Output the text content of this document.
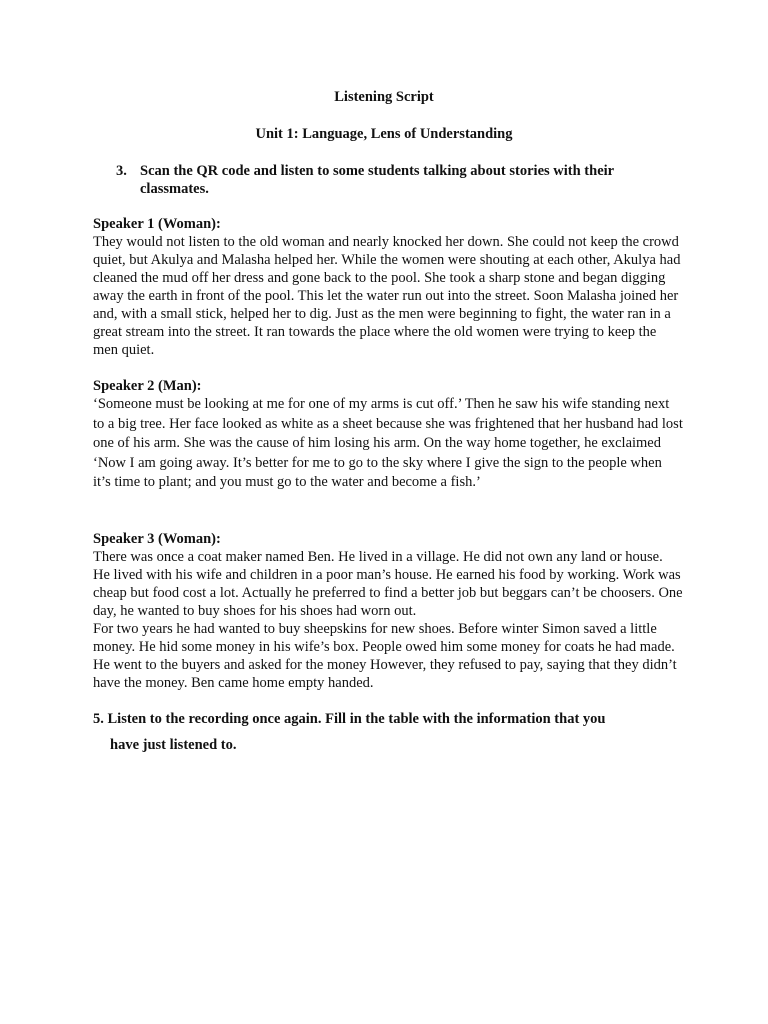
Listening Script
Unit 1: Language, Lens of Understanding
3. Scan the QR code and listen to some students talking about stories with their classmates.
Speaker 1 (Woman):

They would not listen to the old woman and nearly knocked her down. She could not keep the crowd quiet, but Akulya and Malasha helped her. While the women were shouting at each other, Akulya had cleaned the mud off her dress and gone back to the pool. She took a sharp stone and began digging away the earth in front of the pool. This let the water run out into the street. Soon Malasha joined her and, with a small stick, helped her to dig. Just as the men were beginning to fight, the water ran in a great stream into the street. It ran towards the place where the old women were trying to keep the men quiet.

Speaker 2 (Man):

‘Someone must be looking at me for one of my arms is cut off.’ Then he saw his wife standing next to a big tree. Her face looked as white as a sheet because she was frightened that her husband had lost one of his arm. She was the cause of him losing his arm. On the way home together, he exclaimed ‘Now I am going away. It’s better for me to go to the sky where I give the sign to the people when it’s time to plant; and you must go to the water and become a fish.’

Speaker 3 (Woman):

There was once a coat maker named Ben. He lived in a village. He did not own any land or house. He lived with his wife and children in a poor man’s house. He earned his food by working. Work was cheap but food cost a lot. Actually he preferred to find a better job but beggars can’t be choosers. One day, he wanted to buy shoes for his shoes had worn out.

For two years he had wanted to buy sheepskins for new shoes. Before winter Simon saved a little money. He hid some money in his wife’s box. People owed him some money for coats he had made. He went to the buyers and asked for the money However, they refused to pay, saying that they didn’t have the money. Ben came home empty handed.

5. Listen to the recording once again. Fill in the table with the information that you
have just listened to.
